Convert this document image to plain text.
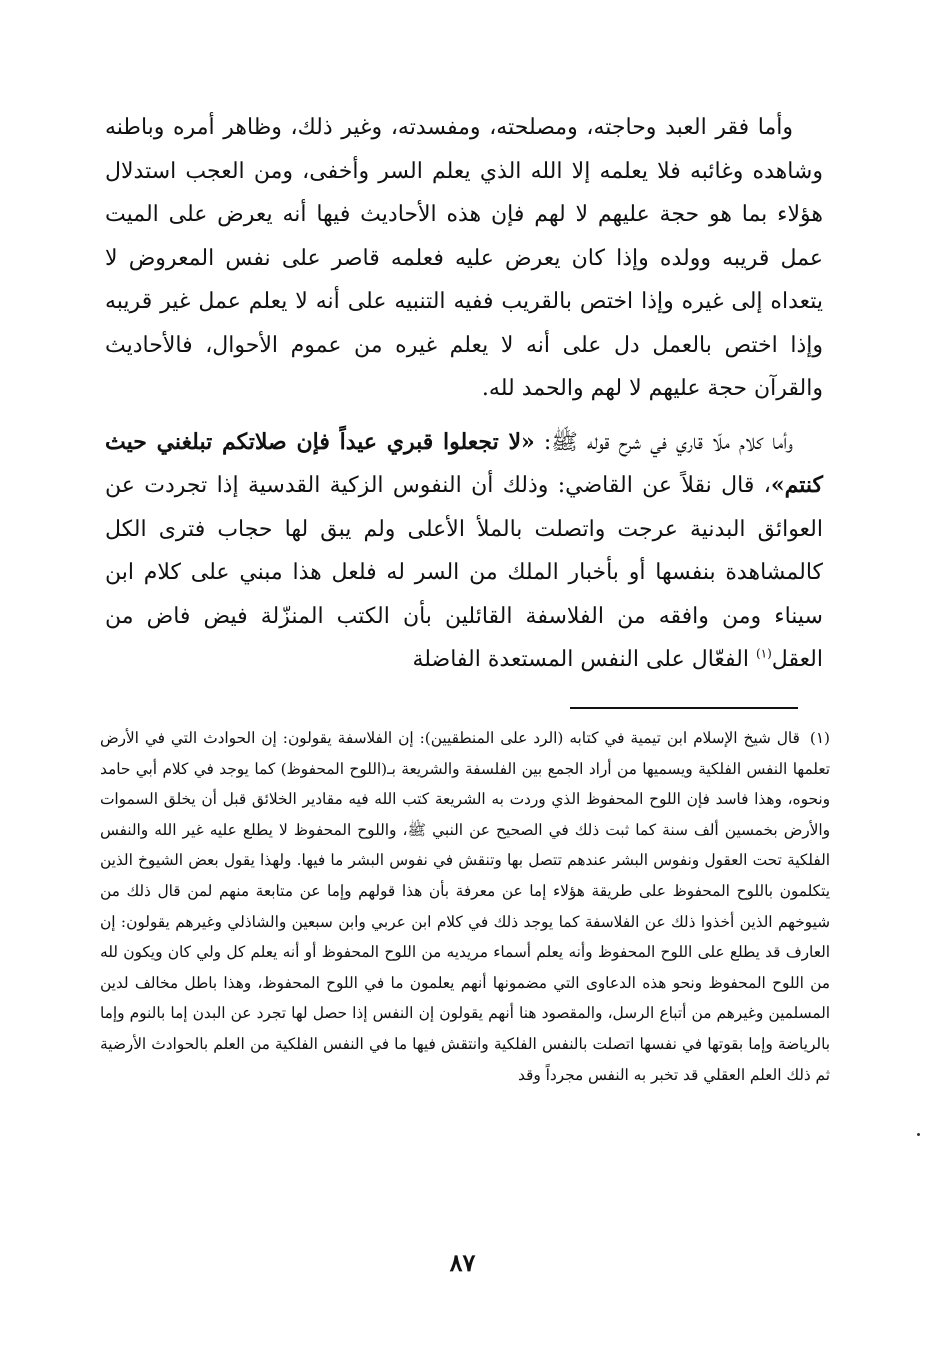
وأما فقر العبد وحاجته، ومصلحته، ومفسدته، وغير ذلك، وظاهر أمره وباطنه وشاهده وغائبه فلا يعلمه إلا الله الذي يعلم السر وأخفى، ومن العجب استدلال هؤلاء بما هو حجة عليهم لا لهم فإن هذه الأحاديث فيها أنه يعرض على الميت عمل قريبه وولده وإذا كان يعرض عليه فعلمه قاصر على نفس المعروض لا يتعداه إلى غيره وإذا اختص بالقريب ففيه التنبيه على أنه لا يعلم عمل غير قريبه وإذا اختص بالعمل دل على أنه لا يعلم غيره من عموم الأحوال، فالأحاديث والقرآن حجة عليهم لا لهم والحمد لله.

وأما كلام ملّا قاري في شرح قوله ﷺ: «لا تجعلوا قبري عيداً فإن صلاتكم تبلغني حيث كنتم»، قال نقلاً عن القاضي: وذلك أن النفوس الزكية القدسية إذا تجردت عن العوائق البدنية عرجت واتصلت بالملأ الأعلى ولم يبق لها حجاب فترى الكل كالمشاهدة بنفسها أو بأخبار الملك من السر له فلعل هذا مبني على كلام ابن سيناء ومن وافقه من الفلاسفة القائلين بأن الكتب المنزّلة فيض فاض من العقل$^{(١)}$ الفعّال على النفس المستعدة الفاضلة

(١)قال شيخ الإسلام ابن تيمية في كتابه (الرد على المنطقيين): إن الفلاسفة يقولون: إن الحوادث التي في الأرض تعلمها النفس الفلكية ويسميها من أراد الجمع بين الفلسفة والشريعة بـ(اللوح المحفوظ) كما يوجد في كلام أبي حامد ونحوه، وهذا فاسد فإن اللوح المحفوظ الذي وردت به الشريعة كتب الله فيه مقادير الخلائق قبل أن يخلق السموات والأرض بخمسين ألف سنة كما ثبت ذلك في الصحيح عن النبي ﷺ، واللوح المحفوظ لا يطلع عليه غير الله والنفس الفلكية تحت العقول ونفوس البشر عندهم تتصل بها وتنقش في نفوس البشر ما فيها. ولهذا يقول بعض الشيوخ الذين يتكلمون باللوح المحفوظ على طريقة هؤلاء إما عن معرفة بأن هذا قولهم وإما عن متابعة منهم لمن قال ذلك من شيوخهم الذين أخذوا ذلك عن الفلاسفة كما يوجد ذلك في كلام ابن عربي وابن سبعين والشاذلي وغيرهم يقولون: إن العارف قد يطلع على اللوح المحفوظ وأنه يعلم أسماء مريديه من اللوح المحفوظ أو أنه يعلم كل ولي كان ويكون لله من اللوح المحفوظ ونحو هذه الدعاوى التي مضمونها أنهم يعلمون ما في اللوح المحفوظ، وهذا باطل مخالف لدين المسلمين وغيرهم من أتباع الرسل، والمقصود هنا أنهم يقولون إن النفس إذا حصل لها تجرد عن البدن إما بالنوم وإما بالرياضة وإما بقوتها في نفسها اتصلت بالنفس الفلكية وانتقش فيها ما في النفس الفلكية من العلم بالحوادث الأرضية ثم ذلك العلم العقلي قد تخبر به النفس مجرداً وقد
٨٧
